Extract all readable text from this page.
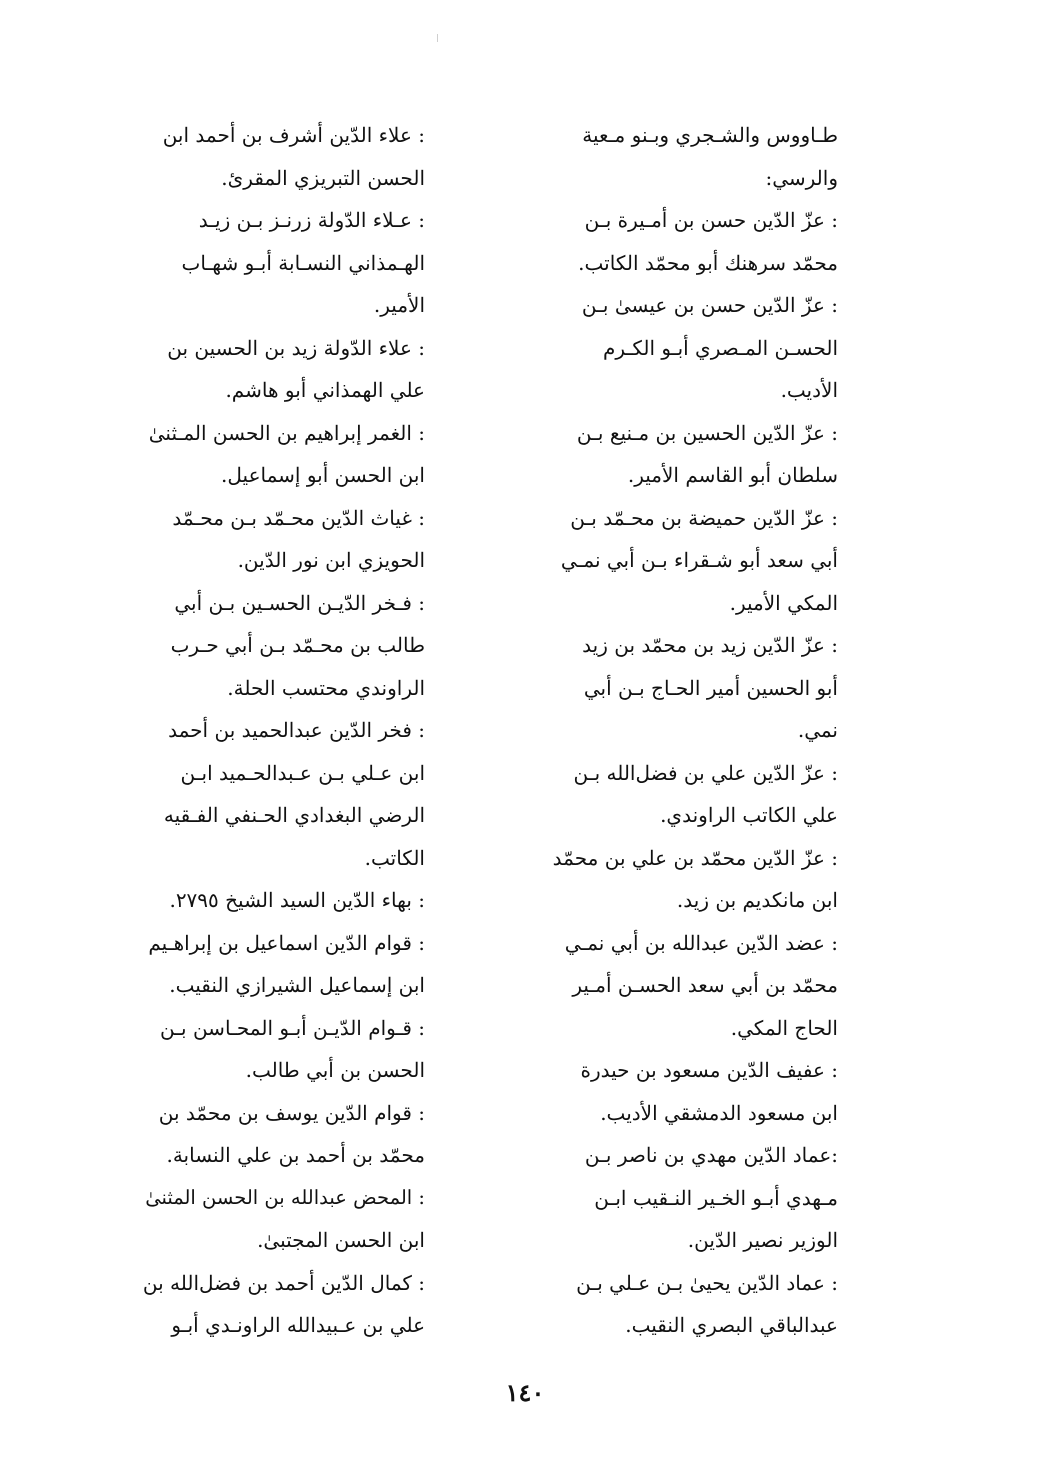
طـاووس والشـجري وبـنو مـعية
والرسي:
: عزّ الدّين حسن بن أمـيرة بـن
محمّد سرهنك أبو محمّد الكاتب.
: عزّ الدّين حسن بن عيسىٰ بـن
الحسـن المـصري أبـو الكـرم
الأديب.
: عزّ الدّين الحسين بن مـنيع بـن
سلطان أبو القاسم الأمير.
: عزّ الدّين حميضة بن محـمّد بـن
أبي سعد أبو شـقراء بـن أبي نمـي
المكي الأمير.
: عزّ الدّين زيد بن محمّد بن زيد
أبو الحسين أمير الحـاج بـن أبي
نمي.
: عزّ الدّين علي بن فضل‌الله بـن
علي الكاتب الراوندي.
: عزّ الدّين محمّد بن علي بن محمّد
ابن مانكديم بن زيد.
: عضد الدّين عبدالله بن أبي نمـي
محمّد بن أبي سعد الحسـن أمـير
الحاج المكي.
: عفيف الدّين مسعود بن حيدرة
ابن مسعود الدمشقي الأديب.
:عماد الدّين مهدي بن ناصر بـن
مـهدي أبـو الخـير النـقيب ابـن
الوزير نصير الدّين.
: عماد الدّين يحيىٰ بـن عـلي بـن
عبدالباقي البصري النقيب.
: علاء الدّين أشرف بن أحمد ابن
الحسن التبريزي المقرئ.
: عـلاء الدّولة زرنـز بـن زيـد
الهـمذاني النسـابة أبـو شهـاب
الأمير.
: علاء الدّولة زيد بن الحسين بن
علي الهمذاني أبو هاشم.
: الغمر إبراهيم بن الحسن المـثنىٰ
ابن الحسن أبو إسماعيل.
: غياث الدّين محـمّد بـن محـمّد
الحويزي ابن نور الدّين.
: فـخر الدّيـن الحسـين بـن أبي
طالب بن محـمّد بـن أبي حـرب
الراوندي محتسب الحلة.
: فخر الدّين عبدالحميد بن أحمد
ابن عـلي بـن عـبدالحـميد ابـن
الرضي البغدادي الحـنفي الفـقيه
الكاتب.
: بهاء الدّين السيد الشيخ ٢٧٩٥.
: قوام الدّين اسماعيل بن إبراهـيم
ابن إسماعيل الشيرازي النقيب.
: قـوام الدّيـن أبـو المحـاسن بـن
الحسن بن أبي طالب.
: قوام الدّين يوسف بن محمّد بن
محمّد بن أحمد بن علي النسابة.
: المحض عبدالله بن الحسن المثنىٰ
ابن الحسن المجتبىٰ.
: كمال الدّين أحمد بن فضل‌الله بن
علي بن عـبيدالله الراونـدي أبـو
١٤٠
